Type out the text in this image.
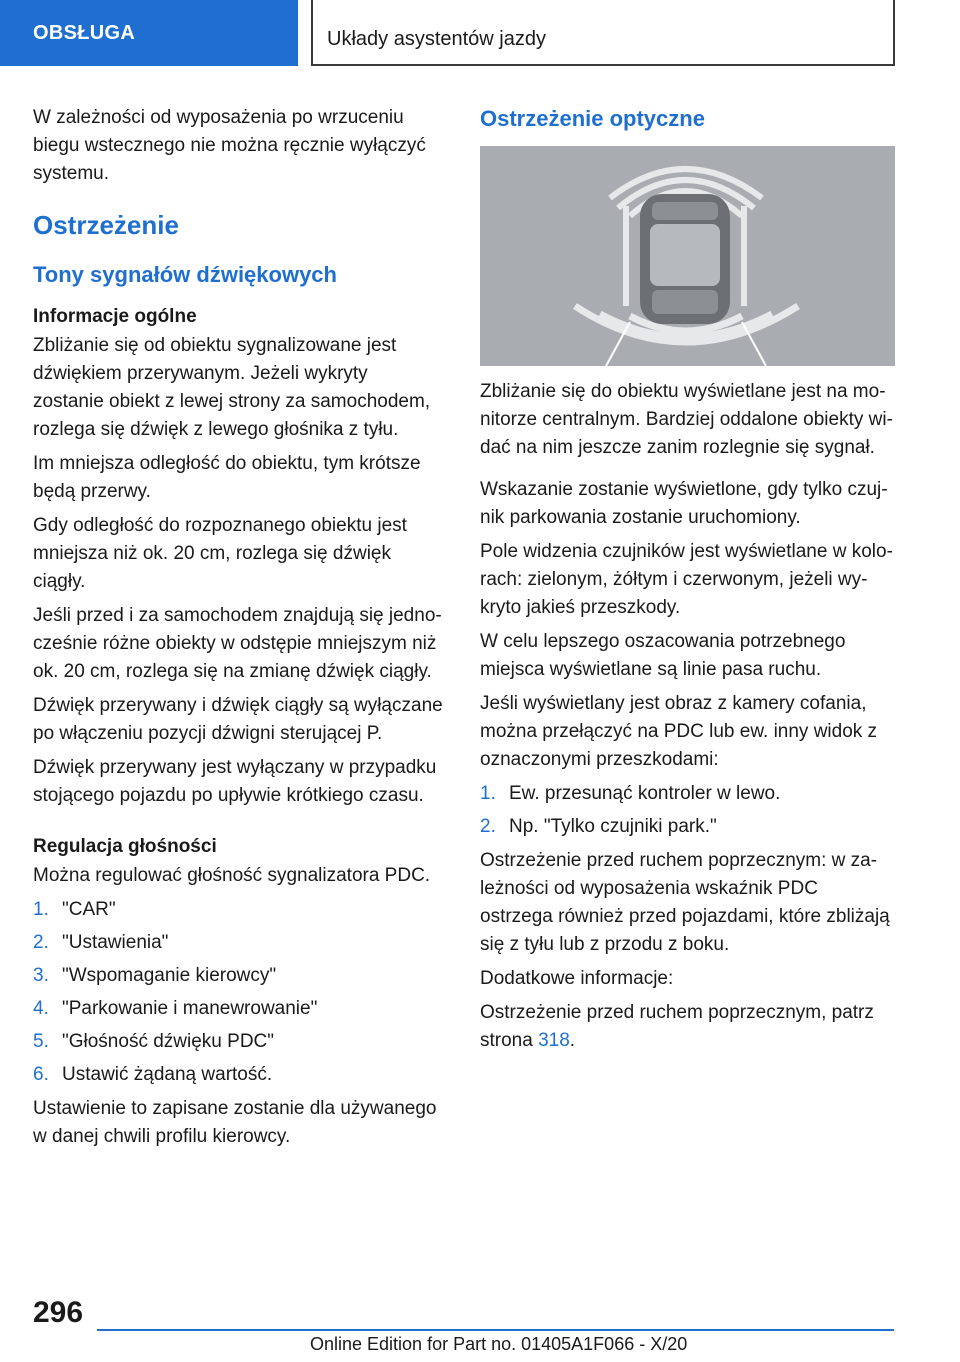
OBSŁUGA	Układy asystentów jazdy

W zależności od wyposażenia po wrzuceniu biegu wstecznego nie można ręcznie wyłączyć systemu.

Ostrzeżenie
Tony sygnałów dźwiękowych
Informacje ogólne

Zbliżanie się od obiektu sygnalizowane jest dźwiękiem przerywanym. Jeżeli wykryty zostanie obiekt z lewej strony za samochodem, rozlega się dźwięk z lewego głośnika z tyłu.

Im mniejsza odległość do obiektu, tym krótsze będą przerwy.

Gdy odległość do rozpoznanego obiektu jest mniejsza niż ok. 20 cm, rozlega się dźwięk ciągły.

Jeśli przed i za samochodem znajdują się jedno-cześnie różne obiekty w odstępie mniejszym niż ok. 20 cm, rozlega się na zmianę dźwięk ciągły.

Dźwięk przerywany i dźwięk ciągły są wyłączane po włączeniu pozycji dźwigni sterującej P.

Dźwięk przerywany jest wyłączany w przypadku stojącego pojazdu po upływie krótkiego czasu.

Regulacja głośności

Można regulować głośność sygnalizatora PDC.

1. "CAR"
2. "Ustawienia"
3. "Wspomaganie kierowcy"
4. "Parkowanie i manewrowanie"
5. "Głośność dźwięku PDC"
6. Ustawić żądaną wartość.

Ustawienie to zapisane zostanie dla używanego w danej chwili profilu kierowcy.

Ostrzeżenie optyczne

Zbliżanie się do obiektu wyświetlane jest na mo-nitorze centralnym. Bardziej oddalone obiekty wi-dać na nim jeszcze zanim rozlegnie się sygnał.

Wskazanie zostanie wyświetlone, gdy tylko czuj-nik parkowania zostanie uruchomiony.

Pole widzenia czujników jest wyświetlane w kolo-rach: zielonym, żółtym i czerwonym, jeżeli wy-kryto jakieś przeszkody.

W celu lepszego oszacowania potrzebnego miejsca wyświetlane są linie pasa ruchu.

Jeśli wyświetlany jest obraz z kamery cofania, można przełączyć na PDC lub ew. inny widok z oznaczonymi przeszkodami:

1. Ew. przesunąć kontroler w lewo.
2. Np. "Tylko czujniki park."

Ostrzeżenie przed ruchem poprzecznym: w za-leżności od wyposażenia wskaźnik PDC ostrzega również przed pojazdami, które zbliżają się z tyłu lub z przodu z boku.

Dodatkowe informacje:

Ostrzeżenie przed ruchem poprzecznym, patrz
strona 318.

296
Online Edition for Part no. 01405A1F066 - X/20
